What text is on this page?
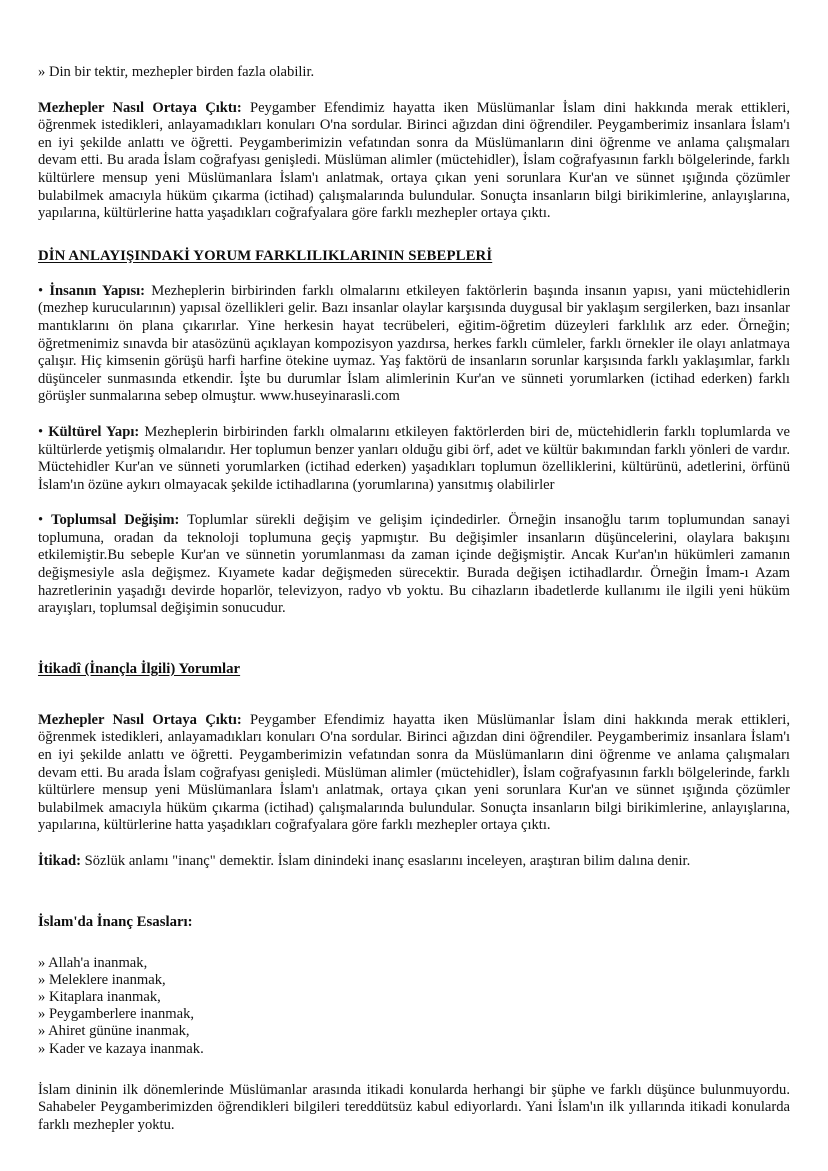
» Din bir tektir, mezhepler birden fazla olabilir.

Mezhepler Nasıl Ortaya Çıktı: Peygamber Efendimiz hayatta iken Müslümanlar İslam dini hakkında merak ettikleri, öğrenmek istedikleri, anlayamadıkları konuları O'na sordular. Birinci ağızdan dini öğrendiler. Peygamberimiz insanlara İslam'ı en iyi şekilde anlattı ve öğretti. Peygamberimizin vefatından sonra da Müslümanların dini öğrenme ve anlama çalışmaları devam etti. Bu arada İslam coğrafyası genişledi. Müslüman alimler (müctehidler), İslam coğrafyasının farklı bölgelerinde, farklı kültürlere mensup yeni Müslümanlara İslam'ı anlatmak, ortaya çıkan yeni sorunlara Kur'an ve sünnet ışığında çözümler bulabilmek amacıyla hüküm çıkarma (ictihad) çalışmalarında bulundular. Sonuçta insanların bilgi birikimlerine, anlayışlarına, yapılarına, kültürlerine hatta yaşadıkları coğrafyalara göre farklı mezhepler ortaya çıktı.

DİN ANLAYIŞINDAKİ YORUM FARKLILIKLARININ SEBEPLERİ

• İnsanın Yapısı: Mezheplerin birbirinden farklı olmalarını etkileyen faktörlerin başında insanın yapısı, yani müctehidlerin (mezhep kurucularının) yapısal özellikleri gelir. Bazı insanlar olaylar karşısında duygusal bir yaklaşım sergilerken, bazı insanlar mantıklarını ön plana çıkarırlar. Yine herkesin hayat tecrübeleri, eğitim-öğretim düzeyleri farklılık arz eder. Örneğin; öğretmenimiz sınavda bir atasözünü açıklayan kompozisyon yazdırsa, herkes farklı cümleler, farklı örnekler ile olayı anlatmaya çalışır. Hiç kimsenin görüşü harfi harfine ötekine uymaz. Yaş faktörü de insanların sorunlar karşısında farklı yaklaşımlar, farklı düşünceler sunmasında etkendir. İşte bu durumlar İslam alimlerinin Kur'an ve sünneti yorumlarken (ictihad ederken) farklı görüşler sunmalarına sebep olmuştur. www.huseyinarasli.com

• Kültürel Yapı: Mezheplerin birbirinden farklı olmalarını etkileyen faktörlerden biri de, müctehidlerin farklı toplumlarda ve kültürlerde yetişmiş olmalarıdır. Her toplumun benzer yanları olduğu gibi örf, adet ve kültür bakımından farklı yönleri de vardır. Müctehidler Kur'an ve sünneti yorumlarken (ictihad ederken) yaşadıkları toplumun özelliklerini, kültürünü, adetlerini, örfünü İslam'ın özüne aykırı olmayacak şekilde ictihadlarına (yorumlarına) yansıtmış olabilirler

• Toplumsal Değişim: Toplumlar sürekli değişim ve gelişim içindedirler. Örneğin insanoğlu tarım toplumundan sanayi toplumuna, oradan da teknoloji toplumuna geçiş yapmıştır. Bu değişimler insanların düşüncelerini, olaylara bakışını etkilemiştir.Bu sebeple Kur'an ve sünnetin yorumlanması da zaman içinde değişmiştir. Ancak Kur'an'ın hükümleri zamanın değişmesiyle asla değişmez. Kıyamete kadar değişmeden sürecektir. Burada değişen ictihadlardır. Örneğin İmam-ı Azam hazretlerinin yaşadığı devirde hoparlör, televizyon, radyo vb yoktu. Bu cihazların ibadetlerde kullanımı ile ilgili yeni hüküm arayışları, toplumsal değişimin sonucudur.

İtikadî (İnançla İlgili) Yorumlar

Mezhepler Nasıl Ortaya Çıktı: Peygamber Efendimiz hayatta iken Müslümanlar İslam dini hakkında merak ettikleri, öğrenmek istedikleri, anlayamadıkları konuları O'na sordular. Birinci ağızdan dini öğrendiler. Peygamberimiz insanlara İslam'ı en iyi şekilde anlattı ve öğretti. Peygamberimizin vefatından sonra da Müslümanların dini öğrenme ve anlama çalışmaları devam etti. Bu arada İslam coğrafyası genişledi. Müslüman alimler (müctehidler), İslam coğrafyasının farklı bölgelerinde, farklı kültürlere mensup yeni Müslümanlara İslam'ı anlatmak, ortaya çıkan yeni sorunlara Kur'an ve sünnet ışığında çözümler bulabilmek amacıyla hüküm çıkarma (ictihad) çalışmalarında bulundular. Sonuçta insanların bilgi birikimlerine, anlayışlarına, yapılarına, kültürlerine hatta yaşadıkları coğrafyalara göre farklı mezhepler ortaya çıktı.

İtikad: Sözlük anlamı "inanç" demektir. İslam dinindeki inanç esaslarını inceleyen, araştıran bilim dalına denir.

İslam'da İnanç Esasları:
» Allah'a inanmak,
» Meleklere inanmak,
» Kitaplara inanmak,
» Peygamberlere inanmak,
» Ahiret gününe inanmak,
» Kader ve kazaya inanmak.

İslam dininin ilk dönemlerinde Müslümanlar arasında itikadi konularda herhangi bir şüphe ve farklı düşünce bulunmuyordu. Sahabeler Peygamberimizden öğrendikleri bilgileri tereddütsüz kabul ediyorlardı. Yani İslam'ın ilk yıllarında itikadi konularda farklı mezhepler yoktu.
